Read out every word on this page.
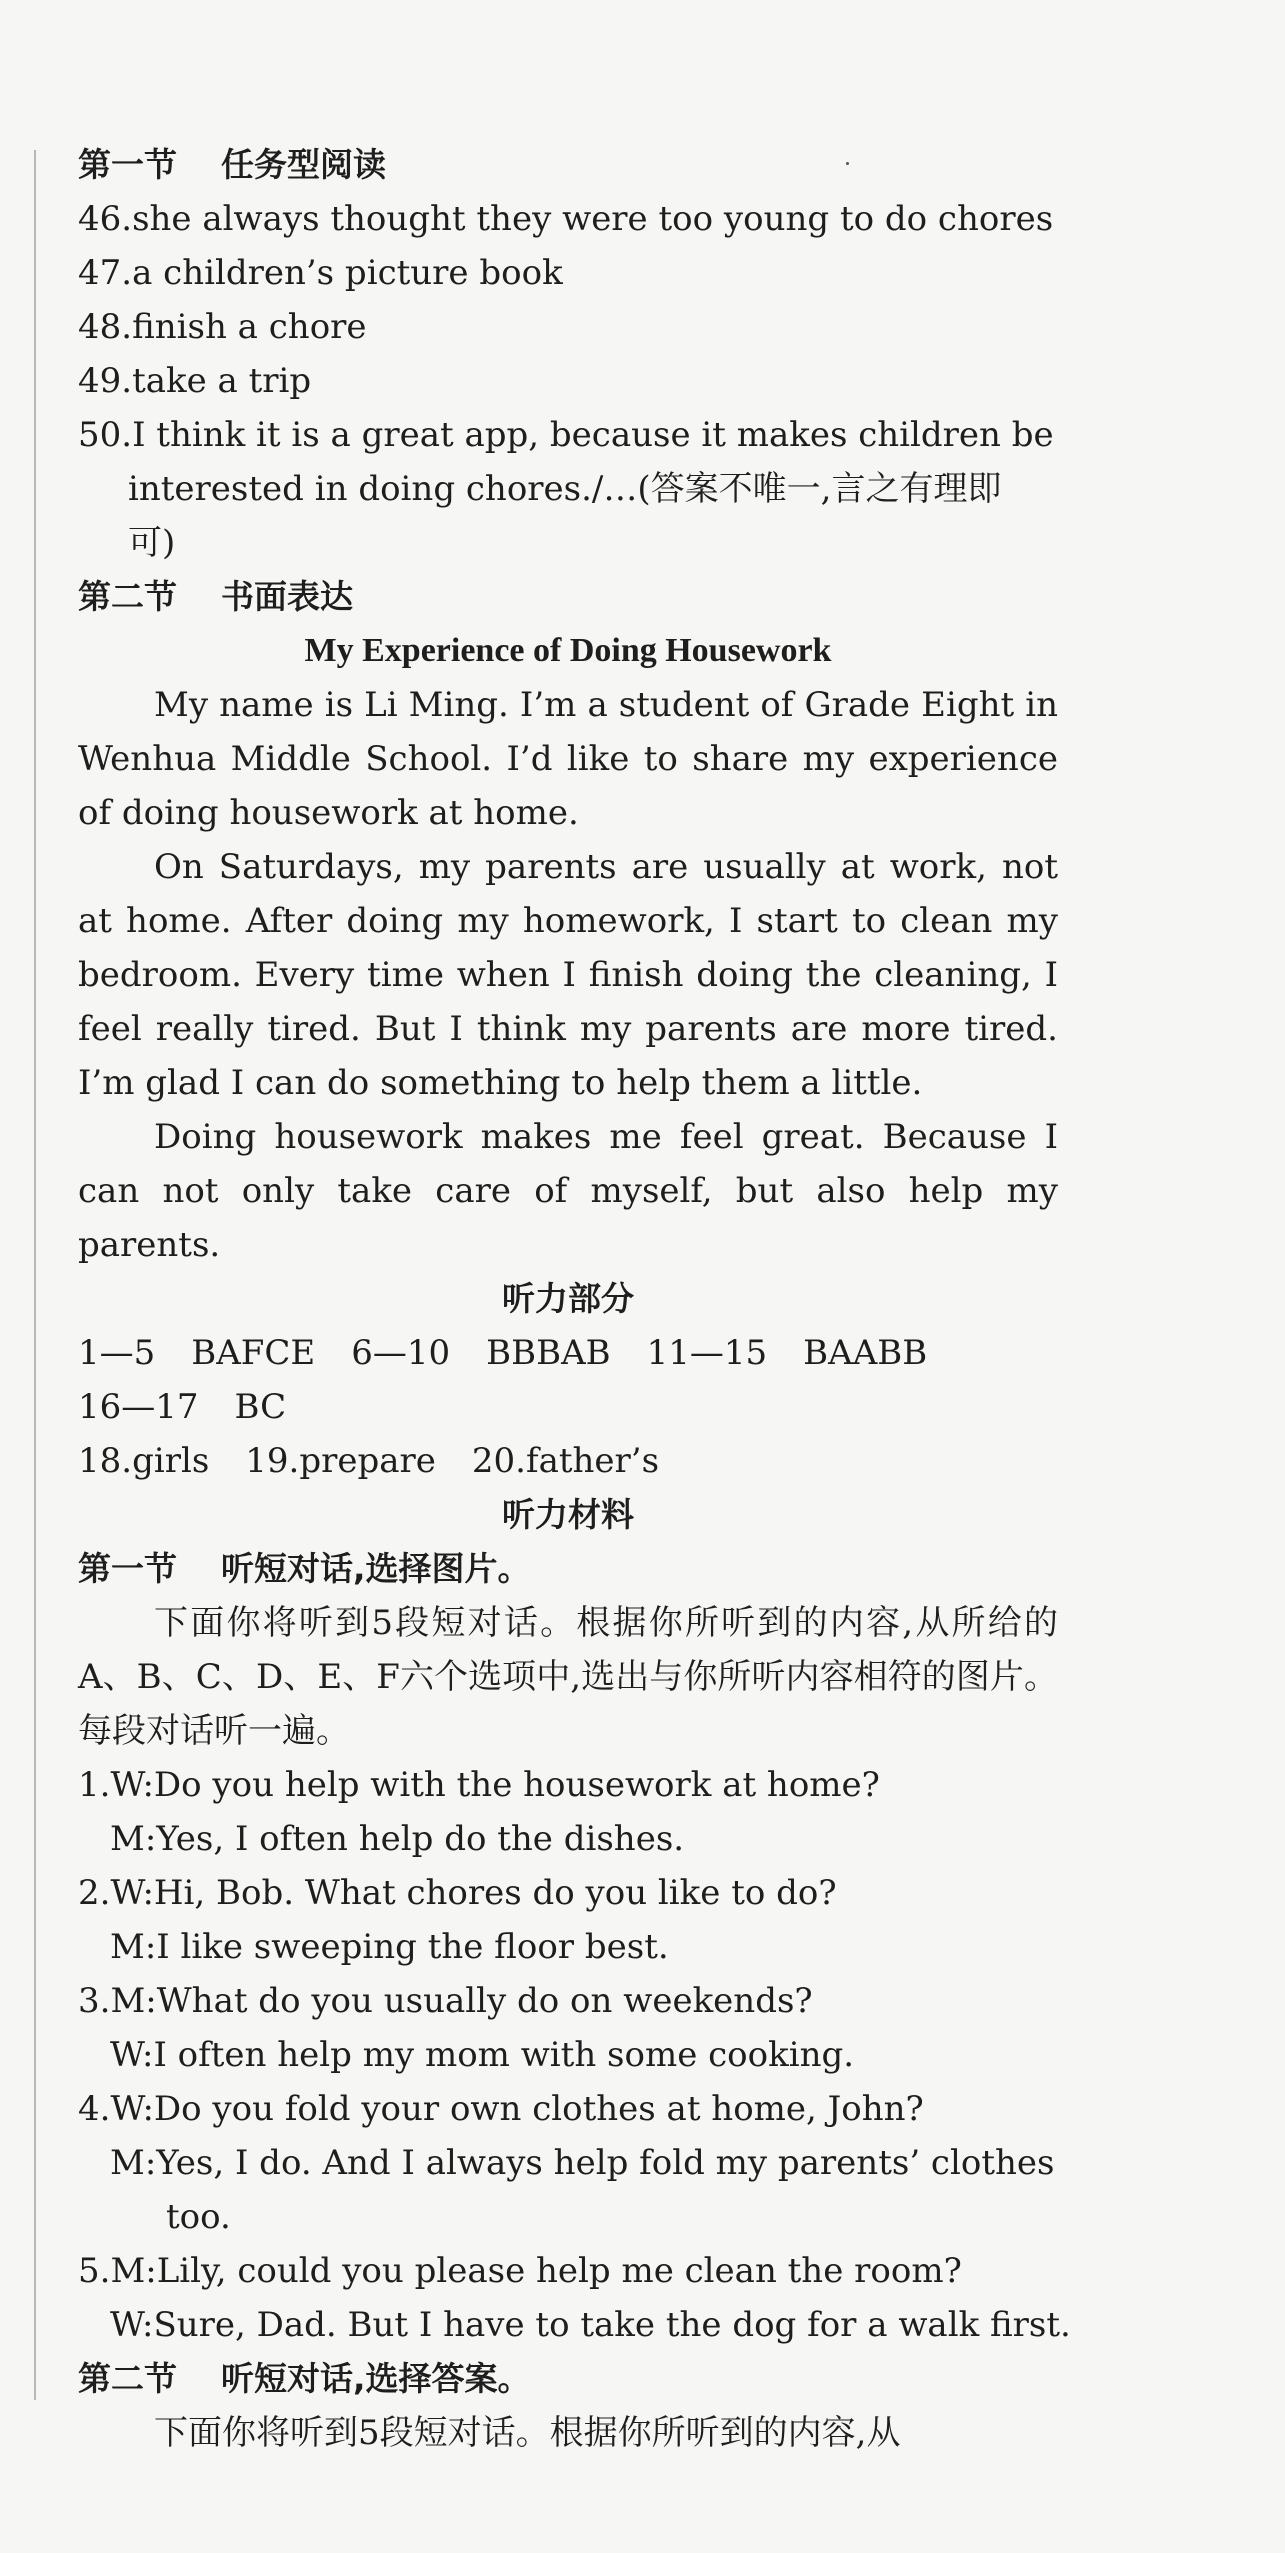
第一节 任务型阅读
46.she always thought they were too young to do chores
47.a children’s picture book
48.finish a chore
49.take a trip
50.I think it is a great app, because it makes children be
interested in doing chores./…(答案不唯一,言之有理即
可)
第二节 书面表达
My Experience of Doing Housework
My name is Li Ming. I’m a student of Grade Eight in Wenhua Middle School. I’d like to share my experience of doing housework at home.
On Saturdays, my parents are usually at work, not at home. After doing my homework, I start to clean my bedroom. Every time when I finish doing the cleaning, I feel really tired. But I think my parents are more tired. I’m glad I can do something to help them a little.
Doing housework makes me feel great. Because I can not only take care of myself, but also help my parents.
听力部分
1—5 BAFCE 6—10 BBBAB 11—15 BAABB
16—17 BC
18.girls 19.prepare 20.father’s
听力材料
第一节 听短对话,选择图片。
下面你将听到5段短对话。根据你所听到的内容,从所给的A、B、C、D、E、F六个选项中,选出与你所听内容相符的图片。每段对话听一遍。
1.W:Do you help with the housework at home?
M:Yes, I often help do the dishes.
2.W:Hi, Bob. What chores do you like to do?
M:I like sweeping the floor best.
3.M:What do you usually do on weekends?
W:I often help my mom with some cooking.
4.W:Do you fold your own clothes at home, John?
M:Yes, I do. And I always help fold my parents’ clothes
too.
5.M:Lily, could you please help me clean the room?
W:Sure, Dad. But I have to take the dog for a walk first.
第二节 听短对话,选择答案。
下面你将听到5段短对话。根据你所听到的内容,从
